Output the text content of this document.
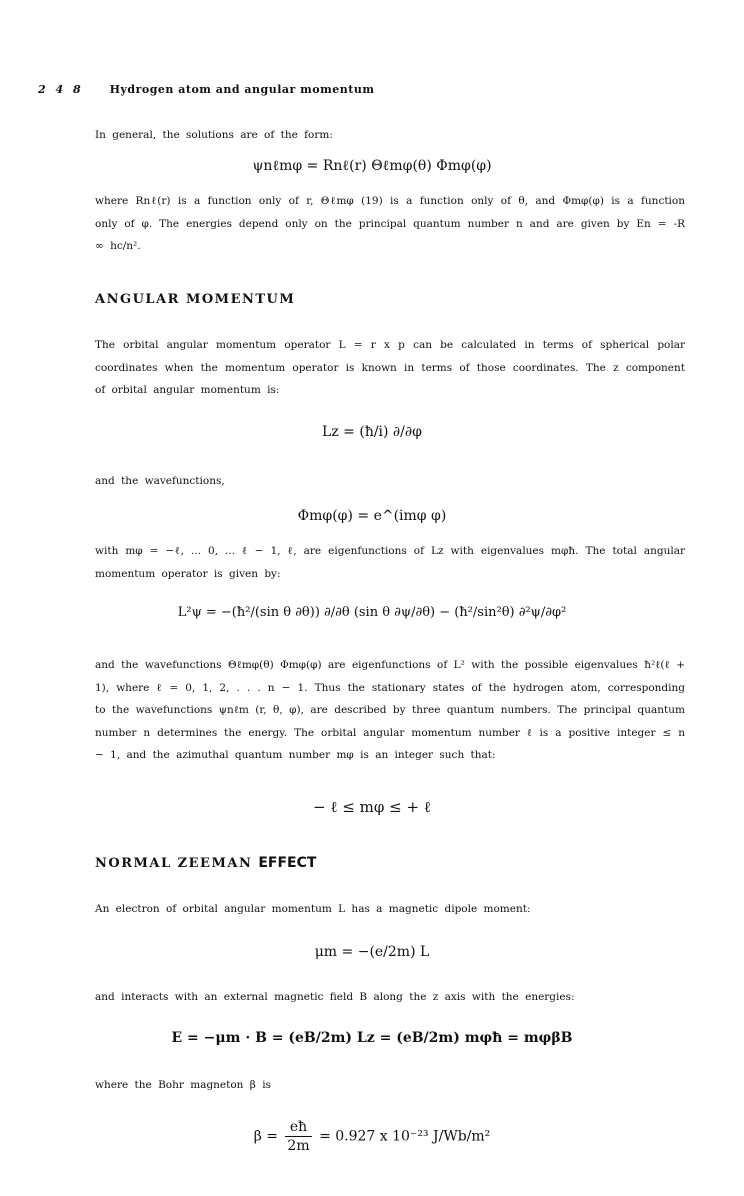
2 4 8 Hydrogen atom and angular momentum

In general, the solutions are of the form:

ψnℓmφ = Rnℓ(r) Θℓmφ(θ) Φmφ(φ)

where Rnℓ(r) is a function only of r, Θℓmφ (19) is a function only of θ, and Φmφ(φ) is a function only of φ. The energies depend only on the principal quantum number n and are given by En = -R ∞ hc/n².

ANGULAR MOMENTUM

The orbital angular momentum operator L = r x p can be calculated in terms of spherical polar coordinates when the momentum operator is known in terms of those coordinates. The z component of orbital angular momentum is:

Lz = (ħ/i) ∂/∂φ

and the wavefunctions,

Φmφ(φ) = e^(imφ φ)

with mφ = −ℓ, ... 0, ... ℓ − 1, ℓ, are eigenfunctions of Lz with eigenvalues mφħ. The total angular momentum operator is given by:

L²ψ = −(ħ²/(sin θ ∂θ)) ∂/∂θ (sin θ ∂ψ/∂θ) − (ħ²/sin²θ) ∂²ψ/∂φ²

and the wavefunctions Θℓmφ(θ) Φmφ(φ) are eigenfunctions of L² with the possible eigenvalues ħ²ℓ(ℓ + 1), where ℓ = 0, 1, 2, . . . n − 1. Thus the stationary states of the hydrogen atom, corresponding to the wavefunctions ψnℓm (r, θ, φ), are described by three quantum numbers. The principal quantum number n determines the energy. The orbital angular momentum number ℓ is a positive integer ≤ n − 1, and the azimuthal quantum number mφ is an integer such that:

− ℓ ≤ mφ ≤ + ℓ
NORMAL ZEEMAN EFFECT

An electron of orbital angular momentum L has a magnetic dipole moment:

μm = −(e/2m) L

and interacts with an external magnetic field B along the z axis with the energies:

E = −μm · B = (eB/2m) Lz = (eB/2m) mφħ = mφβB

where the Bohr magneton β is

$\beta = \frac{eħ}{2m} = 0.927$ x 10⁻²³ J/Wb/m²
